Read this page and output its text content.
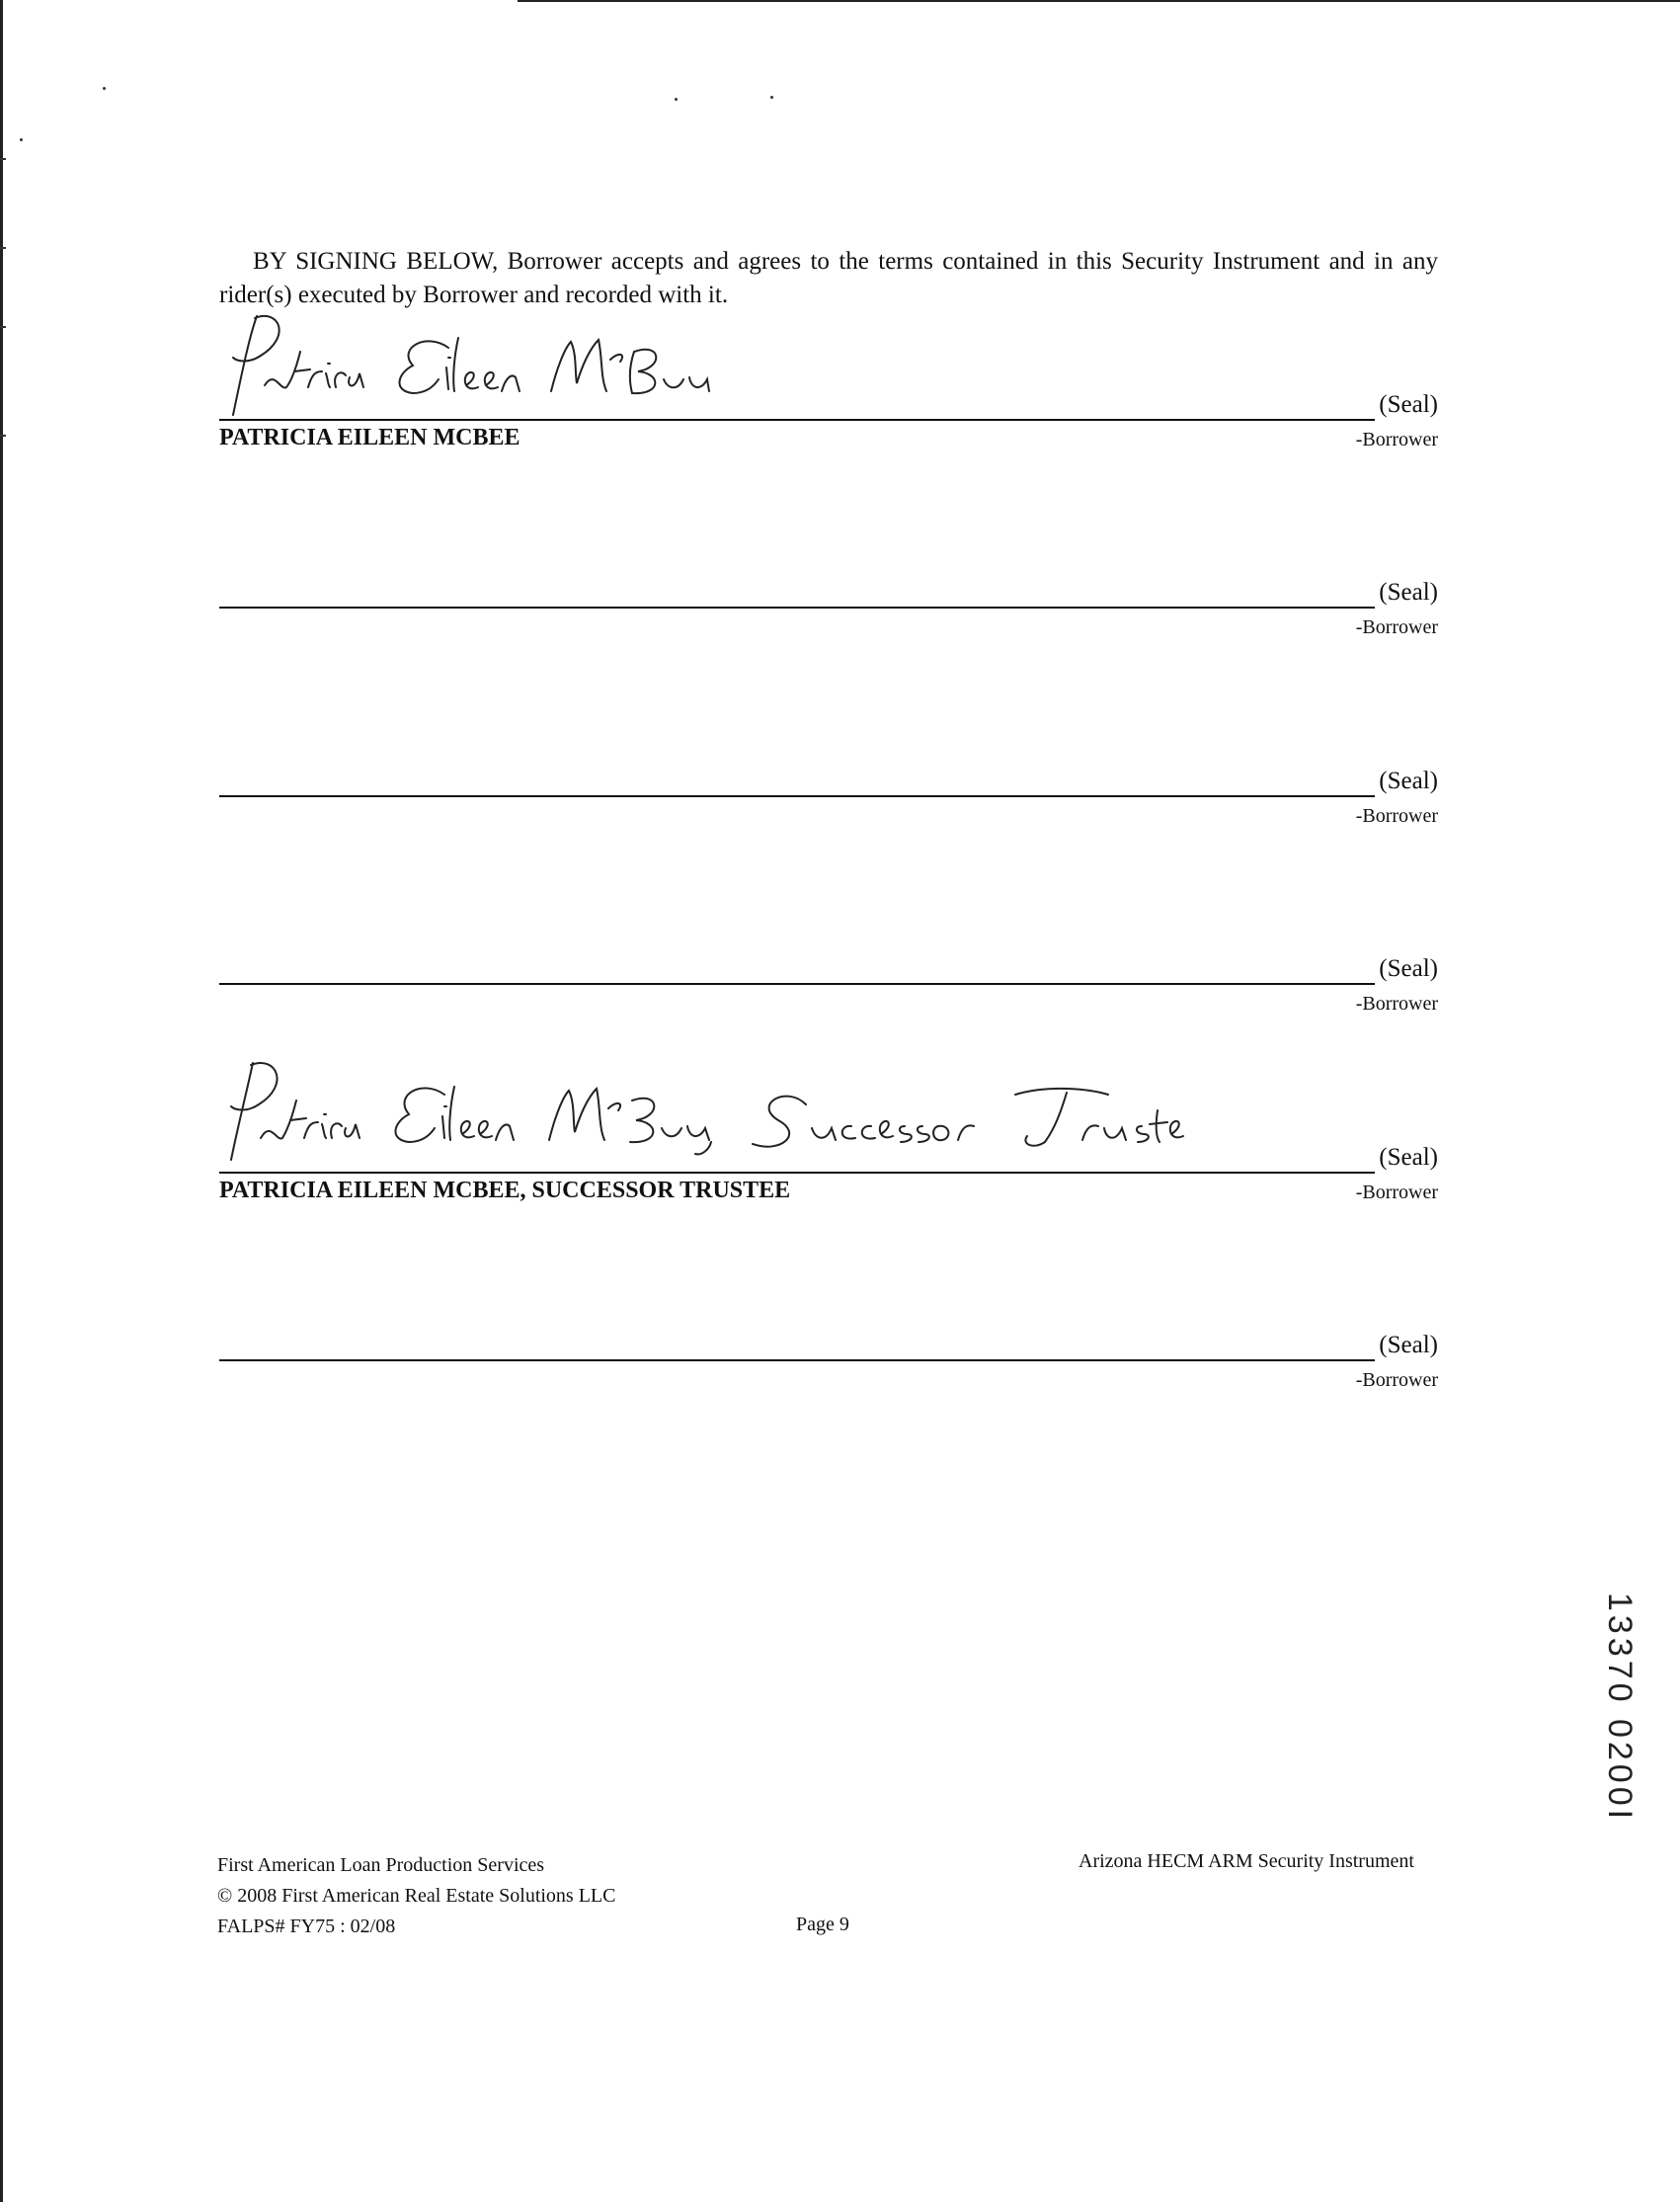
BY SIGNING BELOW, Borrower accepts and agrees to the terms contained in this Security Instrument and in any rider(s) executed by Borrower and recorded with it.
(Seal)
-Borrower
PATRICIA EILEEN MCBEE
(Seal)
-Borrower
(Seal)
-Borrower
(Seal)
-Borrower
(Seal)
-Borrower
PATRICIA EILEEN MCBEE, SUCCESSOR TRUSTEE
(Seal)
-Borrower
13370 0200I
First American Loan Production Services
© 2008 First American Real Estate Solutions LLC
FALPS# FY75 : 02/08
Arizona HECM ARM Security Instrument
Page 9
